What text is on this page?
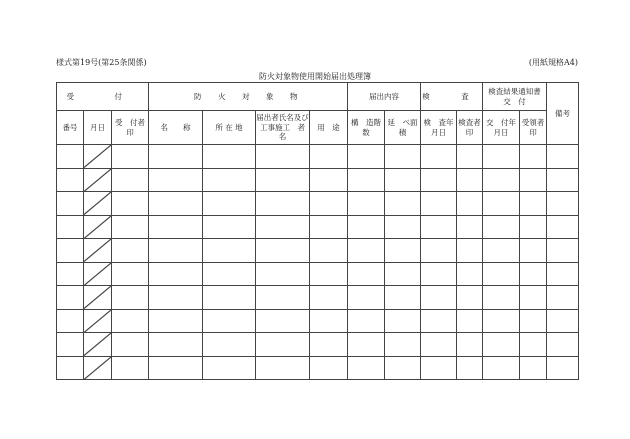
様式第19号(第25条関係)	(用紙規格A4)
防火対象物使用開始届出処理簿
受　付			防　火　対　象　物				届出内容		検　査		検査結果通知書　交　付		備考
番号	月日	受　付者　印	名　　称	所 在 地	届出者氏名及び工事施工　者　名	用　途	構　造階　数	延　べ面　積	検　査年月日	検査者印	交　付年月日	受領者印	
